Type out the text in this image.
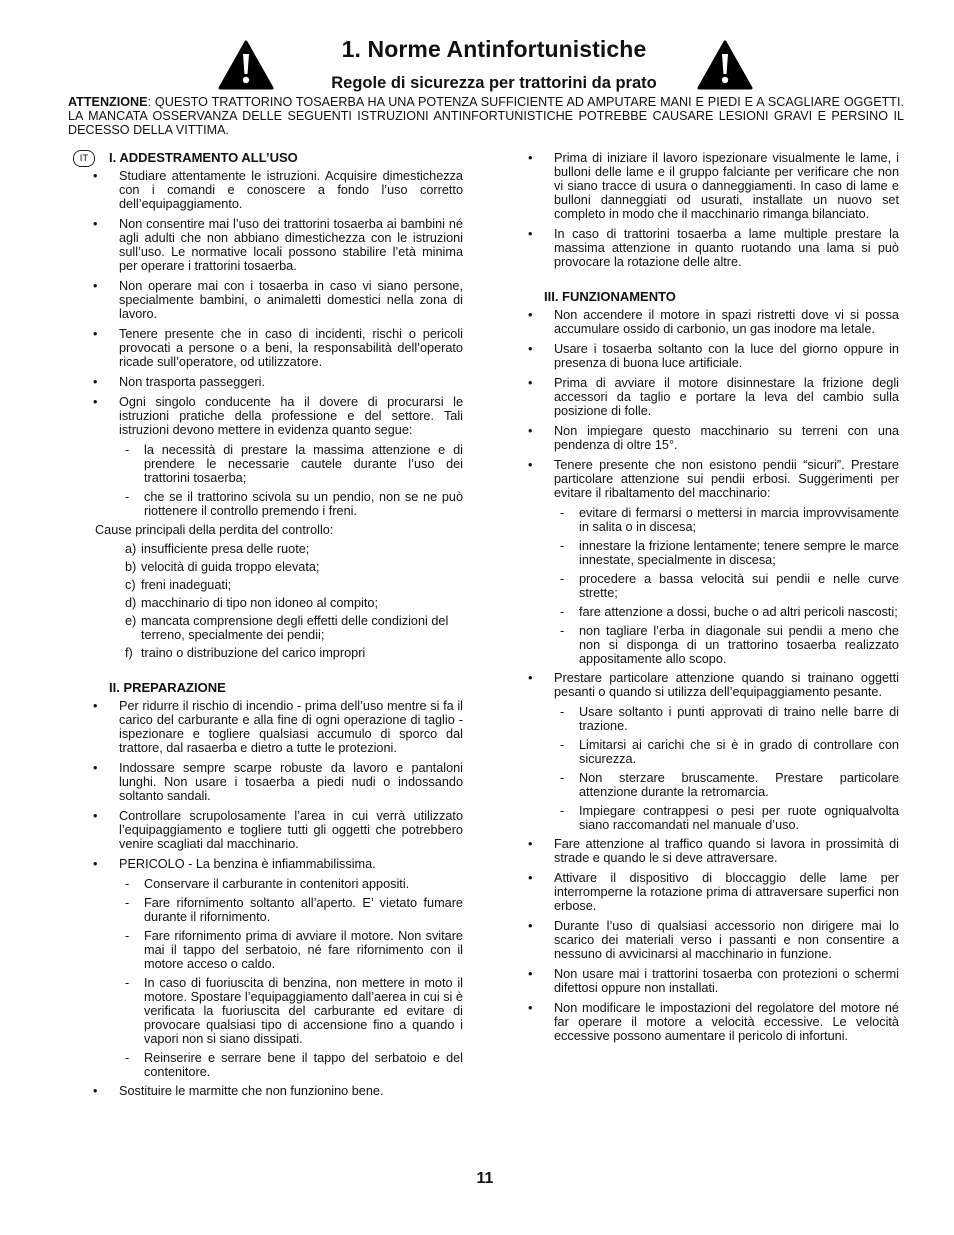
1. Norme Antinfortunistiche
Regole di sicurezza per trattorini da prato
ATTENZIONE: QUESTO TRATTORINO TOSAERBA HA UNA POTENZA SUFFICIENTE AD AMPUTARE MANI E PIEDI E A SCAGLIARE OGGETTI. LA MANCATA OSSERVANZA DELLE SEGUENTI ISTRUZIONI ANTINFORTUNISTICHE POTREBBE CAUSARE LESIONI GRAVI E PERSINO IL DECESSO DELLA VITTIMA.
IT	I. ADDESTRAMENTO ALL’USO
• Studiare attentamente le istruzioni. Acquisire dimestichezza con i comandi e conoscere a fondo l’uso corretto dell’equipaggiamento.
• Non consentire mai l’uso dei trattorini tosaerba ai bambini né agli adulti che non abbiano dimestichezza con le istruzioni sull’uso. Le normative locali possono stabilire l’età minima per operare i trattorini tosaerba.
• Non operare mai con i tosaerba in caso vi siano persone, specialmente bambini, o animaletti domestici nella zona di lavoro.
• Tenere presente che in caso di incidenti, rischi o pericoli provocati a persone o a beni, la responsabilità dell’operato ricade sull’operatore, od utilizzatore.
• Non trasporta passeggeri.
• Ogni singolo conducente ha il dovere di procurarsi le istruzioni pratiche della professione e del settore. Tali istruzioni devono mettere in evidenza quanto segue:
- la necessità di prestare la massima attenzione e di prendere le necessarie cautele durante l’uso dei trattorini tosaerba;
- che se il trattorino scivola su un pendio, non se ne può riottenere il controllo premendo i freni.
Cause principali della perdita del controllo:
a) insufficiente presa delle ruote;
b) velocità di guida troppo elevata;
c) freni inadeguati;
d) macchinario di tipo non idoneo al compito;
e) mancata comprensione degli effetti delle condizioni del terreno, specialmente dei pendii;
f) traino o distribuzione del carico impropri
II. PREPARAZIONE
• Per ridurre il rischio di incendio - prima dell’uso mentre si fa il carico del carburante e alla fine di ogni operazione di taglio - ispezionare e togliere qualsiasi accumulo di sporco dal trattore, dal rasaerba e dietro a tutte le protezioni.
• Indossare sempre scarpe robuste da lavoro e pantaloni lunghi. Non usare i tosaerba a piedi nudi o indossando soltanto sandali.
• Controllare scrupolosamente l’area in cui verrà utilizzato l’equipaggiamento e togliere tutti gli oggetti che potrebbero venire scagliati dal macchinario.
• PERICOLO - La benzina è infiammabilissima.
- Conservare il carburante in contenitori appositi.
- Fare rifornimento soltanto all’aperto. E’ vietato fumare durante il rifornimento.
- Fare rifornimento prima di avviare il motore. Non svitare mai il tappo del serbatoio, né fare rifornimento con il motore acceso o caldo.
- In caso di fuoriuscita di benzina, non mettere in moto il motore. Spostare l’equipaggiamento dall’aerea in cui si è verificata la fuoriuscita del carburante ed evitare di provocare qualsiasi tipo di accensione fino a quando i vapori non si siano dissipati.
- Reinserire e serrare bene il tappo del serbatoio e del contenitore.
• Sostituire le marmitte che non funzionino bene.
• Prima di iniziare il lavoro ispezionare visualmente le lame, i bulloni delle lame e il gruppo falciante per verificare che non vi siano tracce di usura o danneggiamenti. In caso di lame e bulloni danneggiati od usurati, installate un nuovo set completo in modo che il macchinario rimanga bilanciato.
• In caso di trattorini tosaerba a lame multiple prestare la massima attenzione in quanto ruotando una lama si può provocare la rotazione delle altre.
III. FUNZIONAMENTO
• Non accendere il motore in spazi ristretti dove vi si possa accumulare ossido di carbonio, un gas inodore ma letale.
• Usare i tosaerba soltanto con la luce del giorno oppure in presenza di buona luce artificiale.
• Prima di avviare il motore disinnestare la frizione degli accessori da taglio e portare la leva del cambio sulla posizione di folle.
• Non impiegare questo macchinario su terreni con una pendenza di oltre 15°.
• Tenere presente che non esistono pendii “sicuri”. Prestare particolare attenzione sui pendii erbosi. Suggerimenti per evitare il ribaltamento del macchinario:
- evitare di fermarsi o mettersi in marcia improvvisamente in salita o in discesa;
- innestare la frizione lentamente; tenere sempre le marce innestate, specialmente in discesa;
- procedere a bassa velocità sui pendii e nelle curve strette;
- fare attenzione a dossi, buche o ad altri pericoli nascosti;
- non tagliare l’erba in diagonale sui pendii a meno che non si disponga di un trattorino tosaerba realizzato appositamente allo scopo.
• Prestare particolare attenzione quando si trainano oggetti pesanti o quando si utilizza dell’equipaggiamento pesante.
- Usare soltanto i punti approvati di traino nelle barre di trazione.
- Limitarsi ai carichi che si è in grado di controllare con sicurezza.
- Non sterzare bruscamente. Prestare particolare attenzione durante la retromarcia.
- Impiegare contrappesi o pesi per ruote ogniqualvolta siano raccomandati nel manuale d’uso.
• Fare attenzione al traffico quando si lavora in prossimità di strade e quando le si deve attraversare.
• Attivare il dispositivo di bloccaggio delle lame per interromperne la rotazione prima di attraversare superfici non erbose.
• Durante l’uso di qualsiasi accessorio non dirigere mai lo scarico dei materiali verso i passanti e non consentire a nessuno di avvicinarsi al macchinario in funzione.
• Non usare mai i trattorini tosaerba con protezioni o schermi difettosi oppure non installati.
• Non modificare le impostazioni del regolatore del motore né far operare il motore a velocità eccessive. Le velocità eccessive possono aumentare il pericolo di infortuni.
11
